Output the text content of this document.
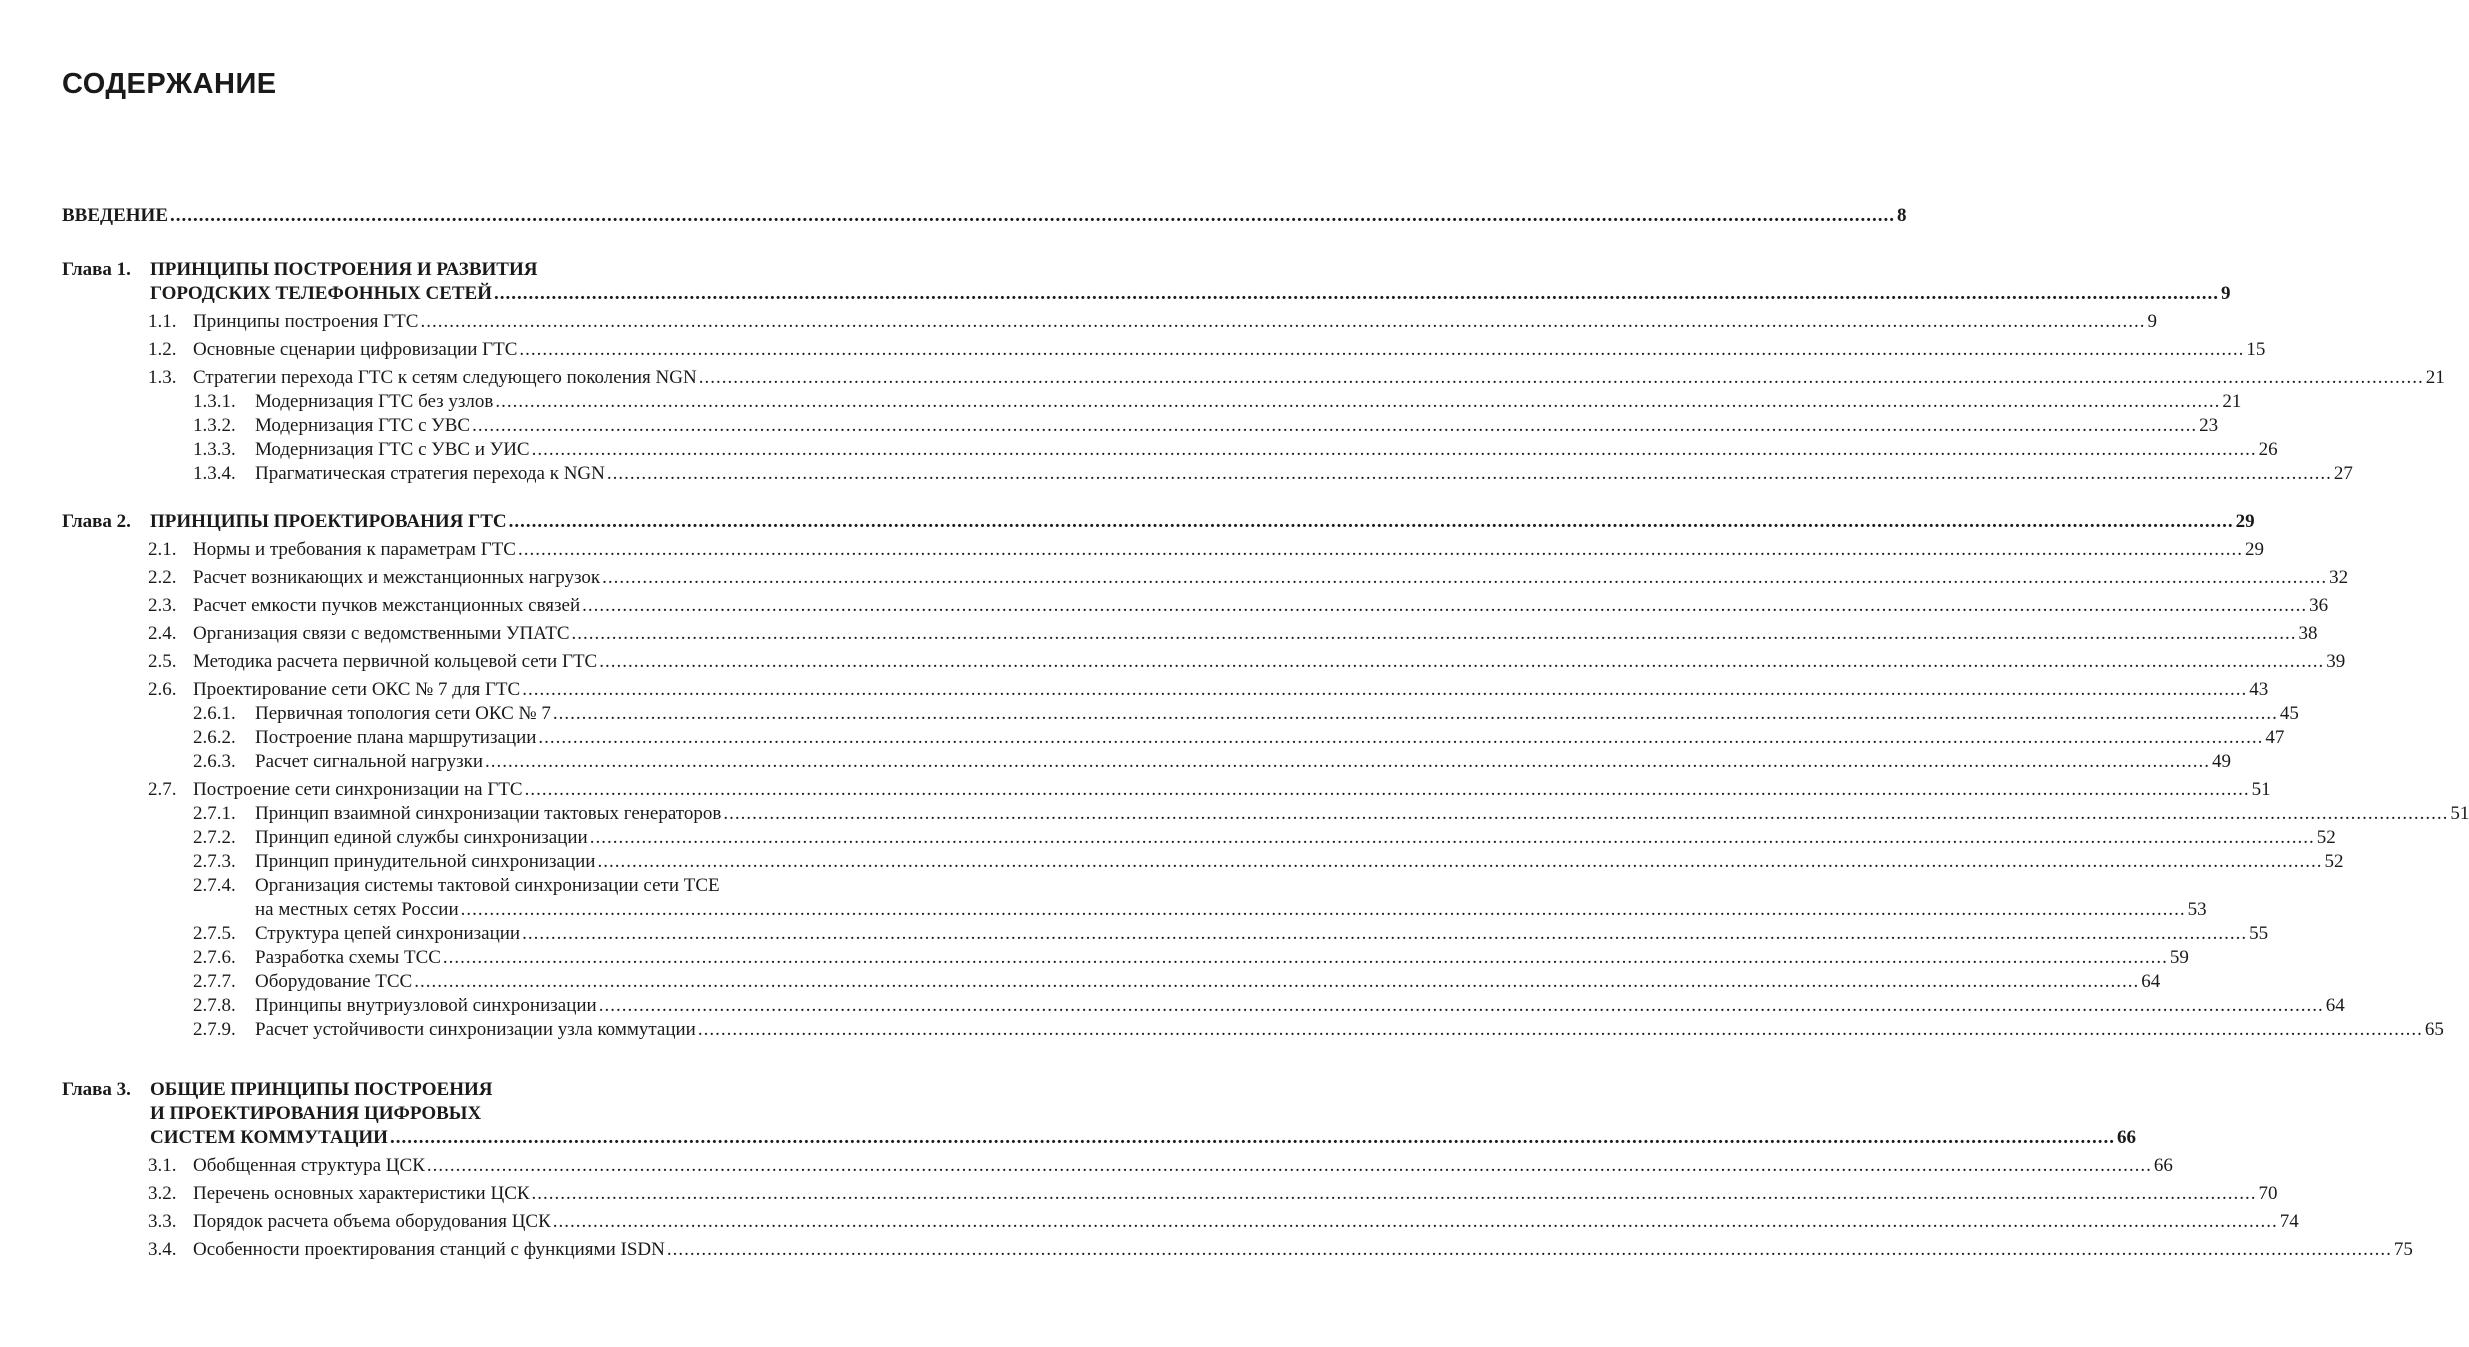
СОДЕРЖАНИЕ
ВВЕДЕНИЕ ............................................................................................................................................................................................................................................................................................................ 8
Глава 1.	ПРИНЦИПЫ ПОСТРОЕНИЯ И РАЗВИТИЯ
ГОРОДСКИХ ТЕЛЕФОННЫХ СЕТЕЙ ............................................................................................................................................................................................................................................................................................................ 9
1.1. Принципы построения ГТС ............................................................................................................................................................................................................................................................................................................ 9
1.2. Основные сценарии цифровизации ГТС ............................................................................................................................................................................................................................................................................................................ 15
1.3. Стратегии перехода ГТС к сетям следующего поколения NGN ............................................................................................................................................................................................................................................................................................................ 21
1.3.1.	Модернизация ГТС без узлов ............................................................................................................................................................................................................................................................................................................ 21
1.3.2.	Модернизация ГТС с УВС ............................................................................................................................................................................................................................................................................................................ 23
1.3.3.	Модернизация ГТС с УВС и УИС ............................................................................................................................................................................................................................................................................................................ 26
1.3.4.	Прагматическая стратегия перехода к NGN ............................................................................................................................................................................................................................................................................................................ 27
Глава 2.	ПРИНЦИПЫ ПРОЕКТИРОВАНИЯ ГТС ............................................................................................................................................................................................................................................................................................................ 29
2.1. Нормы и требования к параметрам ГТС ............................................................................................................................................................................................................................................................................................................ 29
2.2. Расчет возникающих и межстанционных нагрузок ............................................................................................................................................................................................................................................................................................................ 32
2.3. Расчет емкости пучков межстанционных связей ............................................................................................................................................................................................................................................................................................................ 36
2.4. Организация связи с ведомственными УПАТС ............................................................................................................................................................................................................................................................................................................ 38
2.5. Методика расчета первичной кольцевой сети ГТС ............................................................................................................................................................................................................................................................................................................ 39
2.6. Проектирование сети ОКС № 7 для ГТС ............................................................................................................................................................................................................................................................................................................ 43
2.6.1.	Первичная топология сети ОКС № 7 ............................................................................................................................................................................................................................................................................................................ 45
2.6.2.	Построение плана маршрутизации ............................................................................................................................................................................................................................................................................................................ 47
2.6.3.	Расчет сигнальной нагрузки ............................................................................................................................................................................................................................................................................................................ 49
2.7. Построение сети синхронизации на ГТС ............................................................................................................................................................................................................................................................................................................ 51
2.7.1.	Принцип взаимной синхронизации тактовых генераторов ............................................................................................................................................................................................................................................................................................................ 51
2.7.2.	Принцип единой службы синхронизации ............................................................................................................................................................................................................................................................................................................ 52
2.7.3.	Принцип принудительной синхронизации ............................................................................................................................................................................................................................................................................................................ 52
2.7.4.	Организация системы тактовой синхронизации сети ТСЕ
на местных сетях России ............................................................................................................................................................................................................................................................................................................ 53
2.7.5.	Структура цепей синхронизации ............................................................................................................................................................................................................................................................................................................ 55
2.7.6.	Разработка схемы ТСС ............................................................................................................................................................................................................................................................................................................ 59
2.7.7.	Оборудование ТСС ............................................................................................................................................................................................................................................................................................................ 64
2.7.8.	Принципы внутриузловой синхронизации ............................................................................................................................................................................................................................................................................................................ 64
2.7.9.	Расчет устойчивости синхронизации узла коммутации ............................................................................................................................................................................................................................................................................................................ 65
Глава 3.	ОБЩИЕ ПРИНЦИПЫ ПОСТРОЕНИЯ
И ПРОЕКТИРОВАНИЯ ЦИФРОВЫХ
СИСТЕМ КОММУТАЦИИ ............................................................................................................................................................................................................................................................................................................ 66
3.1. Обобщенная структура ЦСК ............................................................................................................................................................................................................................................................................................................ 66
3.2. Перечень основных характеристики ЦСК ............................................................................................................................................................................................................................................................................................................ 70
3.3. Порядок расчета объема оборудования ЦСК ............................................................................................................................................................................................................................................................................................................ 74
3.4. Особенности проектирования станций с функциями ISDN ............................................................................................................................................................................................................................................................................................................ 75
